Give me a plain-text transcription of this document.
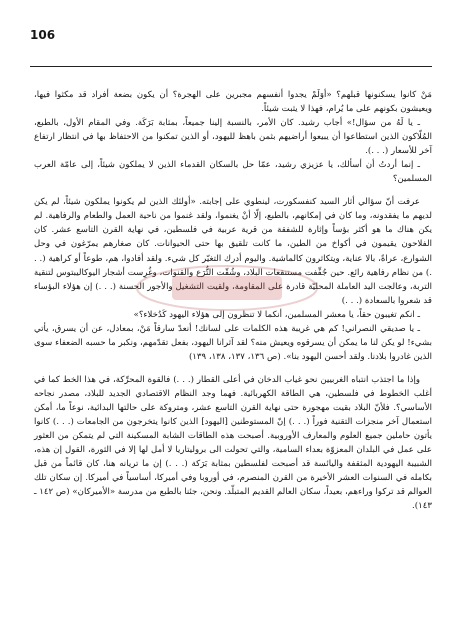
106

مَنْ كانوا يسكنونها قبلهم؟ «أوَلَمْ يجدوا أنفسهم مجبرين على الهجرة؟ أن يكون بضعة أفراد قد مكثوا فيها، ويعيشون بكونهم على ما يُرام، فهذا لا يثبت شيئاً.

ـ يا لَهُ من سؤال!» أجاب رشيد. كان الأمر، بالنسبة إلينا جميعاً، بمثابة بَرَكَة. وفي المقام الأول، بالطبع، المُلّاكون الذين استطاعوا أن يبيعوا أراضيهم بثمن باهظ لليهود، أو الذين تمكنوا من الاحتفاظ بها في انتظار ارتفاع آخر للأسعار (. . .).

ـ إنما أردتُ أن أسألك، يا عزيزي رشيد، عمّا حل بالسكان القدماء الذين لا يملكون شيئاً، إلى عامّة العرب المسلمين؟

عرفت أنّ سؤالي أثار السيد كنفسكورت، لينطوي على إجابته. «أولئك الذين لم يكونوا يملكون شيئاً، لم يكن لديهم ما يفقدونه، وما كان في إمكانهم، بالطبع، إلّا أنْ يغنموا، ولقد غنموا من ناحية العمل والطعام والرفاهية. لم يكن هناك ما هو أكثر بؤساً وإثارة للشفقة من قرية عربية في فلسطين، في نهاية القرن التاسع عشر. كان الفلاحون يقيمون في أكواخ من الطين، ما كانت تلقيق بها حتى الحيوانات. كان صغارهم يمرّغون في وحل الشوارع، عراةً، بالا عناية، ويتكاثرون كالماشية. واليوم أدرك التغيّر كل شيء. ولقد أفادوا، هم، طوعاً أو كراهية (. . .) من نظام رفاهية رائع. حين جُفِّفت مستنقعات البلاد، وشُقّت التُّرَع والقنوات، وغُرِست أشجار اليوكاليبتوس لتنقية التربة، وعالجت اليد العاملة المحليّة قادرة على المقاومة، ولقيت التشغيل والأجور الحسنة (. . .) إن هؤلاء البؤساء قد شعروا بالسعادة (. . .)

ـ انكم تغيبون حقاً، يا معشر المسلمين، أنكما لا تنظرون إلى هؤلاء اليهود كَدُخلاء؟»

ـ يا صديقي النصراني! كم هي غريبة هذه الكلمات على لسانك! أنعدّ سارقاً مَنْ، بمعادل، عن أن يسرق، يأتي بشيء! لو يكن لنا ما يمكن أن يسرقوه ويعيش منه؟ لقد آثرانا اليهود، بفعل تقدّمهم، ونكبر ما حسبه الضعفاء سوى الذين غادروا بلادنا. ولقد أحسن اليهود بنا». (ص ١٣٦، ١٣٧، ١٣٨، ١٣٩)

وإذا ما اجتذب انتباه الغربيين نحو غياب الدخان في أعلى القطار (. . .) فالقوة المحرِّكة، في هذا الخط كما في أغلب الخطوط في فلسطين، هي الطاقة الكهربائية. فهما وجد النظام الاقتصادي الجديد للبلاد، مصدر نجاحه الأساسي؟. فلأنّ البلاد بقيت مهجورة حتى نهاية القرن التاسع عشر، ومتروكة على حالتها البدائية، نوعاً ما، أمكن استعمال آخر منجزات التقنية فوراً (. . .) إنّ المستوطنين [اليهود] الذين كانوا يتخرجون من الجامعات (. . .) كانوا يأتون حاملين جميع العلوم والمعارف الأوروبية. أصبحت هذه الطاقات الشابة المسكينة التي لم يتمكن من العثور على عمل في البلدان المعزوّة بعداء السامية، والتي تحولت الى بروليتاريا لا أمل لها إلا في الثورة، القول إن هذه، الشبيبة اليهودية المثقفة واليائسة قد أصبحت لفلسطين بمثابة بَرَكة (. . .) إن ما تريانه هنا، كان قائماً من قبل بكامله في السنوات العشر الأخيرة من القرن المنصرم، في أوروبا وفي أميركا، أساسياً في أميركا. إن سكان تلك العوالم قد تركوا وراءهم، بعيداً، سكان العالم القديم المتبلّد. ونحن، جئنا بالطبع من مدرسة «الأميركان» (ص ١٤٢ ـ ١٤٣).
